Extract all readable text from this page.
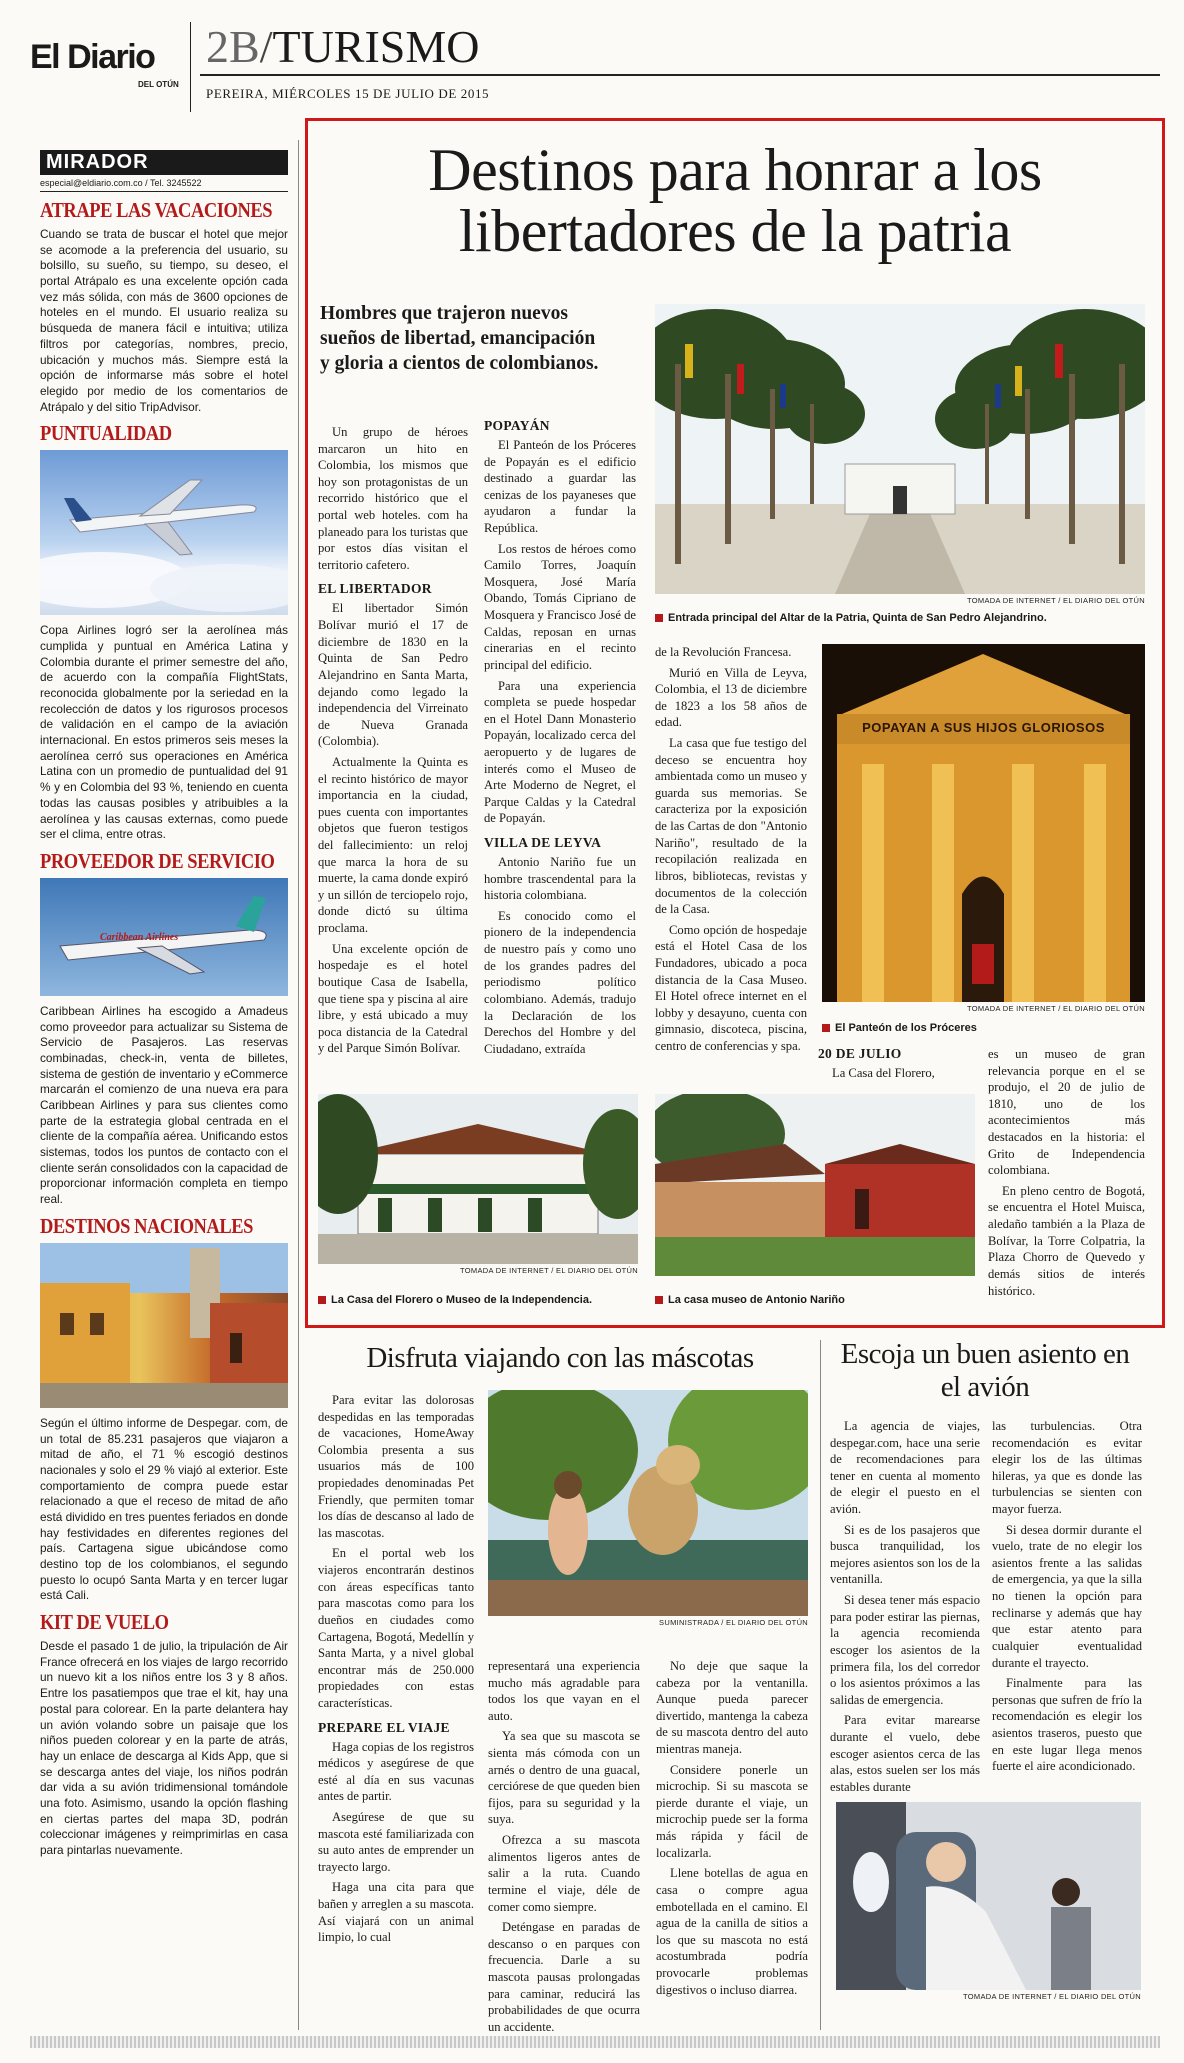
El Diario
DEL OTÚN
2B/TURISMO
PEREIRA, MIÉRCOLES 15 DE JULIO DE 2015
MIRADOR
especial@eldiario.com.co / Tel. 3245522
ATRAPE LAS VACACIONES

Cuando se trata de buscar el hotel que mejor se acomode a la preferencia del usuario, su bolsillo, su sueño, su tiempo, su deseo, el portal Atrápalo es una excelente opción cada vez más sólida, con más de 3600 opciones de hoteles en el mundo. El usuario realiza su búsqueda de manera fácil e intuitiva; utiliza filtros por categorías, nombres, precio, ubicación y muchos más. Siempre está la opción de informarse más sobre el hotel elegido por medio de los comentarios de Atrápalo y del sitio TripAdvisor.

PUNTUALIDAD

Copa Airlines logró ser la aerolínea más cumplida y puntual en América Latina y Colombia durante el primer semestre del año, de acuerdo con la compañía FlightStats, reconocida globalmente por la seriedad en la recolección de datos y los rigurosos procesos de validación en el campo de la aviación internacional. En estos primeros seis meses la aerolínea cerró sus operaciones en América Latina con un promedio de puntualidad del 91 % y en Colombia del 93 %, teniendo en cuenta todas las causas posibles y atribuibles a la aerolínea y las causas externas, como puede ser el clima, entre otras.

PROVEEDOR DE SERVICIO
Caribbean Airlines

Caribbean Airlines ha escogido a Amadeus como proveedor para actualizar su Sistema de Servicio de Pasajeros. Las reservas combinadas, check-in, venta de billetes, sistema de gestión de inventario y eCommerce marcarán el comienzo de una nueva era para Caribbean Airlines y para sus clientes como parte de la estrategia global centrada en el cliente de la compañía aérea. Unificando estos sistemas, todos los puntos de contacto con el cliente serán consolidados con la capacidad de proporcionar información completa en tiempo real.

DESTINOS NACIONALES

Según el último informe de Despegar. com, de un total de 85.231 pasajeros que viajaron a mitad de año, el 71 % escogió destinos nacionales y solo el 29 % viajó al exterior. Este comportamiento de compra puede estar relacionado a que el receso de mitad de año está dividido en tres puentes feriados en donde hay festividades en diferentes regiones del país. Cartagena sigue ubicándose como destino top de los colombianos, el segundo puesto lo ocupó Santa Marta y en tercer lugar está Cali.

KIT DE VUELO

Desde el pasado 1 de julio, la tripulación de Air France ofrecerá en los viajes de largo recorrido un nuevo kit a los niños entre los 3 y 8 años. Entre los pasatiempos que trae el kit, hay una postal para colorear. En la parte delantera hay un avión volando sobre un paisaje que los niños pueden colorear y en la parte de atrás, hay un enlace de descarga al Kids App, que si se descarga antes del viaje, los niños podrán dar vida a su avión tridimensional tomándole una foto. Asimismo, usando la opción flashing en ciertas partes del mapa 3D, podrán coleccionar imágenes y reimprimirlas en casa para pintarlas nuevamente.

Destinos para honrar a los libertadores de la patria
Hombres que trajeron nuevos sueños de libertad, emancipación y gloria a cientos de colombianos.

Un grupo de héroes marcaron un hito en Colombia, los mismos que hoy son protagonistas de un recorrido histórico que el portal web hoteles. com ha planeado para los turistas que por estos días visitan el territorio cafetero.

EL LIBERTADOR

El libertador Simón Bolívar murió el 17 de diciembre de 1830 en la Quinta de San Pedro Alejandrino en Santa Marta, dejando como legado la independencia del Virreinato de Nueva Granada (Colombia).

Actualmente la Quinta es el recinto histórico de mayor importancia en la ciudad, pues cuenta con importantes objetos que fueron testigos del fallecimiento: un reloj que marca la hora de su muerte, la cama donde expiró y un sillón de terciopelo rojo, donde dictó su última proclama.

Una excelente opción de hospedaje es el hotel boutique Casa de Isabella, que tiene spa y piscina al aire libre, y está ubicado a muy poca distancia de la Catedral y del Parque Simón Bolívar.

POPAYÁN

El Panteón de los Próceres de Popayán es el edificio destinado a guardar las cenizas de los payaneses que ayudaron a fundar la República.

Los restos de héroes como Camilo Torres, Joaquín Mosquera, José María Obando, Tomás Cipriano de Mosquera y Francisco José de Caldas, reposan en urnas cinerarias en el recinto principal del edificio.

Para una experiencia completa se puede hospedar en el Hotel Dann Monasterio Popayán, localizado cerca del aeropuerto y de lugares de interés como el Museo de Arte Moderno de Negret, el Parque Caldas y la Catedral de Popayán.

VILLA DE LEYVA

Antonio Nariño fue un hombre trascendental para la historia colombiana.

Es conocido como el pionero de la independencia de nuestro país y como uno de los grandes padres del periodismo político colombiano. Además, tradujo la Declaración de los Derechos del Hombre y del Ciudadano, extraída

TOMADA DE INTERNET / EL DIARIO DEL OTÚN
Entrada principal del Altar de la Patria, Quinta de San Pedro Alejandrino.

de la Revolución Francesa.

Murió en Villa de Leyva, Colombia, el 13 de diciembre de 1823 a los 58 años de edad.

La casa que fue testigo del deceso se encuentra hoy ambientada como un museo y guarda sus memorias. Se caracteriza por la exposición de las Cartas de don "Antonio Nariño", resultado de la recopilación realizada en libros, bibliotecas, revistas y documentos de la colección de la Casa.

Como opción de hospedaje está el Hotel Casa de los Fundadores, ubicado a poca distancia de la Casa Museo. El Hotel ofrece internet en el lobby y desayuno, cuenta con gimnasio, discoteca, piscina, centro de conferencias y spa.

POPAYAN A SUS HIJOS GLORIOSOS
TOMADA DE INTERNET / EL DIARIO DEL OTÚN
El Panteón de los Próceres
20 DE JULIO

La Casa del Florero,

es un museo de gran relevancia porque en el se produjo, el 20 de julio de 1810, uno de los acontecimientos más destacados en la historia: el Grito de Independencia colombiana.

En pleno centro de Bogotá, se encuentra el Hotel Muisca, aledaño también a la Plaza de Bolívar, la Torre Colpatria, la Plaza Chorro de Quevedo y demás sitios de interés histórico.

TOMADA DE INTERNET / EL DIARIO DEL OTÚN
La Casa del Florero o Museo de la Independencia.	La casa museo de Antonio Nariño
Disfruta viajando con las máscotas

Para evitar las dolorosas despedidas en las temporadas de vacaciones, HomeAway Colombia presenta a sus usuarios más de 100 propiedades denominadas Pet Friendly, que permiten tomar los días de descanso al lado de las mascotas.

En el portal web los viajeros encontrarán destinos con áreas específicas tanto para mascotas como para los dueños en ciudades como Cartagena, Bogotá, Medellín y Santa Marta, y a nivel global encontrar más de 250.000 propiedades con estas características.

PREPARE EL VIAJE

Haga copias de los registros médicos y asegúrese de que esté al día en sus vacunas antes de partir.

Asegúrese de que su mascota esté familiarizada con su auto antes de emprender un trayecto largo.

Haga una cita para que bañen y arreglen a su mascota. Así viajará con un animal limpio, lo cual

SUMINISTRADA / EL DIARIO DEL OTÚN

representará una experiencia mucho más agradable para todos los que vayan en el auto.

Ya sea que su mascota se sienta más cómoda con un arnés o dentro de una guacal, cerciórese de que queden bien fijos, para su seguridad y la suya.

Ofrezca a su mascota alimentos ligeros antes de salir a la ruta. Cuando termine el viaje, déle de comer como siempre.

Deténgase en paradas de descanso o en parques con frecuencia. Darle a su mascota pausas prolongadas para caminar, reducirá las probabilidades de que ocurra un accidente.

No deje que saque la cabeza por la ventanilla. Aunque pueda parecer divertido, mantenga la cabeza de su mascota dentro del auto mientras maneja.

Considere ponerle un microchip. Si su mascota se pierde durante el viaje, un microchip puede ser la forma más rápida y fácil de localizarla.

Llene botellas de agua en casa o compre agua embotellada en el camino. El agua de la canilla de sitios a los que su mascota no está acostumbrada podría provocarle problemas digestivos o incluso diarrea.

Escoja un buen asiento en el avión

La agencia de viajes, despegar.com, hace una serie de recomendaciones para tener en cuenta al momento de elegir el puesto en el avión.

Si es de los pasajeros que busca tranquilidad, los mejores asientos son los de la ventanilla.

Si desea tener más espacio para poder estirar las piernas, la agencia recomienda escoger los asientos de la primera fila, los del corredor o los asientos próximos a las salidas de emergencia.

Para evitar marearse durante el vuelo, debe escoger asientos cerca de las alas, estos suelen ser los más estables durante

las turbulencias. Otra recomendación es evitar elegir los de las últimas hileras, ya que es donde las turbulencias se sienten con mayor fuerza.

Si desea dormir durante el vuelo, trate de no elegir los asientos frente a las salidas de emergencia, ya que la silla no tienen la opción para reclinarse y además que hay que estar atento para cualquier eventualidad durante el trayecto.

Finalmente para las personas que sufren de frío la recomendación es elegir los asientos traseros, puesto que en este lugar llega menos fuerte el aire acondicionado.

TOMADA DE INTERNET / EL DIARIO DEL OTÚN
